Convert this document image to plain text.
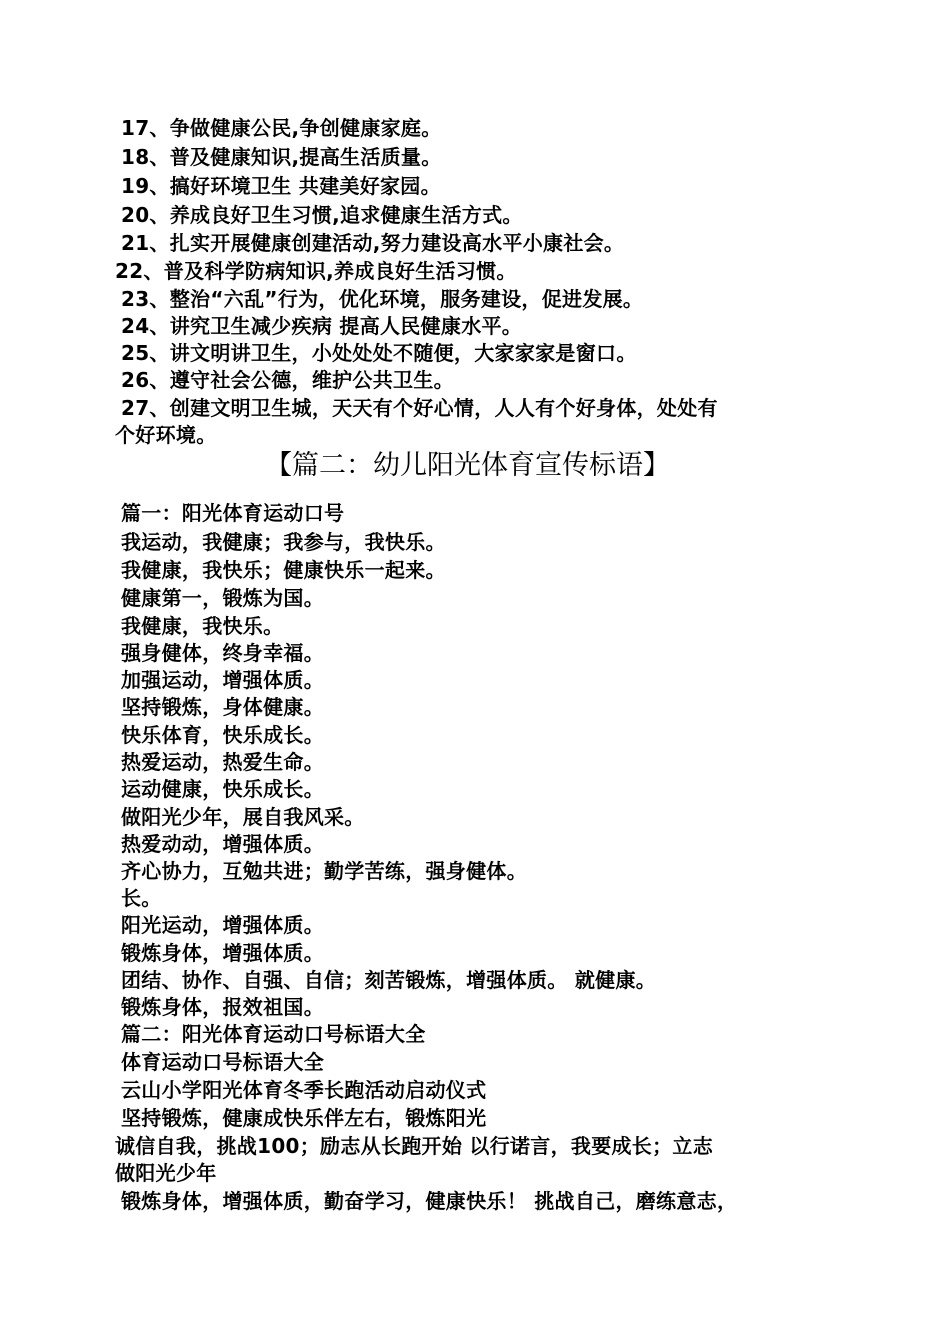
17、争做健康公民,争创健康家庭。
18、普及健康知识,提高生活质量。
19、搞好环境卫生 共建美好家园。
20、养成良好卫生习惯,追求健康生活方式。
21、扎实开展健康创建活动,努力建设高水平小康社会。
22、普及科学防病知识,养成良好生活习惯。
23、整治“六乱”行为，优化环境，服务建设，促进发展。
24、讲究卫生减少疾病 提高人民健康水平。
25、讲文明讲卫生，小处处处不随便，大家家家是窗口。
26、遵守社会公德，维护公共卫生。
27、创建文明卫生城，天天有个好心情，人人有个好身体，处处有
个好环境。
【篇二：幼儿阳光体育宣传标语】
篇一：阳光体育运动口号
我运动，我健康；我参与，我快乐。
我健康，我快乐；健康快乐一起来。
健康第一，锻炼为国。
我健康，我快乐。
强身健体，终身幸福。
加强运动，增强体质。
坚持锻炼，身体健康。
快乐体育，快乐成长。
热爱运动，热爱生命。
运动健康，快乐成长。
做阳光少年，展自我风采。
热爱动动，增强体质。
齐心协力，互勉共进；勤学苦练，强身健体。
长。
阳光运动，增强体质。
锻炼身体，增强体质。
团结、协作、自强、自信；刻苦锻炼，增强体质。 就健康。
锻炼身体，报效祖国。
篇二：阳光体育运动口号标语大全
体育运动口号标语大全
云山小学阳光体育冬季长跑活动启动仪式
坚持锻炼，健康成快乐伴左右，锻炼阳光
诚信自我，挑战100；励志从长跑开始 以行诺言，我要成长；立志
做阳光少年
锻炼身体，增强体质，勤奋学习，健康快乐！ 挑战自己，磨练意志，
